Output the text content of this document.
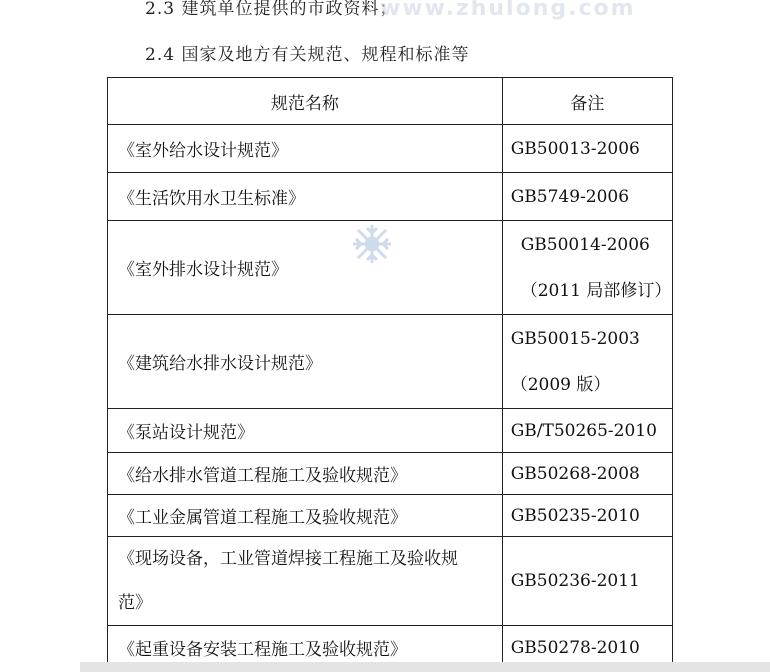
2.3 建筑单位提供的市政资料；
www.zhulong.com
2.4 国家及地方有关规范、规程和标准等
规范名称	备注

《室外给水设计规范》	GB50013-2006

《生活饮用水卫生标准》	GB5749-2006

《室外排水设计规范》	GB50014-2006
（2011 局部修订）

《建筑给水排水设计规范》	GB50015-2003
（2009 版）

《泵站设计规范》	GB/T50265-2010

《给水排水管道工程施工及验收规范》	GB50268-2008

《工业金属管道工程施工及验收规范》	GB50235-2010

《现场设备，工业管道焊接工程施工及验收规
范》	GB50236-2011

《起重设备安装工程施工及验收规范》	GB50278-2010
